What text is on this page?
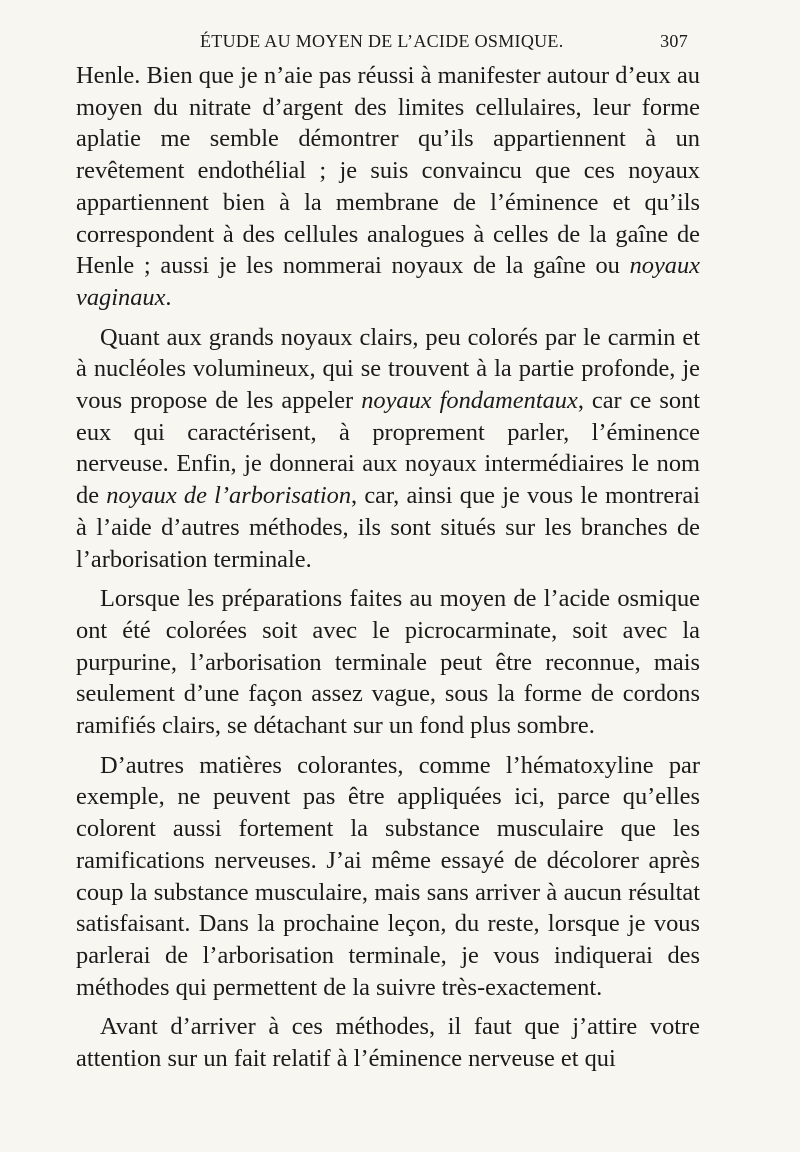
ÉTUDE AU MOYEN DE L’ACIDE OSMIQUE.	307

Henle. Bien que je n’aie pas réussi à manifester autour d’eux au moyen du nitrate d’argent des limites cellulaires, leur forme aplatie me semble démontrer qu’ils appartiennent à un revêtement endothélial ; je suis convaincu que ces noyaux appartiennent bien à la membrane de l’éminence et qu’ils correspondent à des cellules analogues à celles de la gaîne de Henle ; aussi je les nommerai noyaux de la gaîne ou noyaux vaginaux.

Quant aux grands noyaux clairs, peu colorés par le carmin et à nucléoles volumineux, qui se trouvent à la partie profonde, je vous propose de les appeler noyaux fondamentaux, car ce sont eux qui caractérisent, à proprement parler, l’éminence nerveuse. Enfin, je donnerai aux noyaux intermédiaires le nom de noyaux de l’arborisation, car, ainsi que je vous le montrerai à l’aide d’autres méthodes, ils sont situés sur les branches de l’arborisation terminale.

Lorsque les préparations faites au moyen de l’acide osmique ont été colorées soit avec le picrocarminate, soit avec la purpurine, l’arborisation terminale peut être reconnue, mais seulement d’une façon assez vague, sous la forme de cordons ramifiés clairs, se détachant sur un fond plus sombre.

D’autres matières colorantes, comme l’hématoxyline par exemple, ne peuvent pas être appliquées ici, parce qu’elles colorent aussi fortement la substance musculaire que les ramifications nerveuses. J’ai même essayé de décolorer après coup la substance musculaire, mais sans arriver à aucun résultat satisfaisant. Dans la prochaine leçon, du reste, lorsque je vous parlerai de l’arborisation terminale, je vous indiquerai des méthodes qui permettent de la suivre très-exactement.

Avant d’arriver à ces méthodes, il faut que j’attire votre attention sur un fait relatif à l’éminence nerveuse et qui
